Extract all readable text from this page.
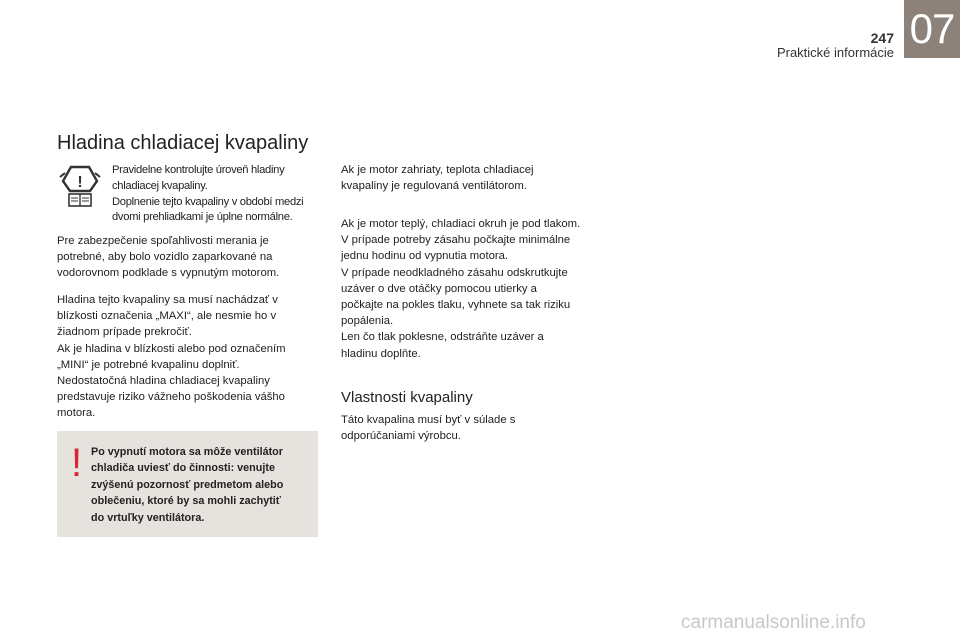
07
247
Praktické informácie
Hladina chladiacej kvapaliny
!

Pravidelne kontrolujte úroveň hladiny

chladiacej kvapaliny.

Doplnenie tejto kvapaliny v období medzi

dvomi prehliadkami je úplne normálne.

Pre zabezpečenie spoľahlivosti merania je
potrebné, aby bolo vozidlo zaparkované na
vodorovnom podklade s vypnutým motorom.

Hladina tejto kvapaliny sa musí nachádzať v
blízkosti označenia „MAXI“, ale nesmie ho v
žiadnom prípade prekročiť.
Ak je hladina v blízkosti alebo pod označením
„MINI“ je potrebné kvapalinu doplniť.
Nedostatočná hladina chladiacej kvapaliny
predstavuje riziko vážneho poškodenia vášho
motora.

! Po vypnutí motora sa môže ventilátor
chladiča uviesť do činnosti: venujte
zvýšenú pozornosť predmetom alebo
oblečeniu, ktoré by sa mohli zachytiť
do vrtuľky ventilátora.

Ak je motor zahriaty, teplota chladiacej
kvapaliny je regulovaná ventilátorom.

Ak je motor teplý, chladiaci okruh je pod tlakom.
V prípade potreby zásahu počkajte minimálne
jednu hodinu od vypnutia motora.
V prípade neodkladného zásahu odskrutkujte
uzáver o dve otáčky pomocou utierky a
počkajte na pokles tlaku, vyhnete sa tak riziku
popálenia.
Len čo tlak poklesne, odstráňte uzáver a
hladinu doplňte.

Vlastnosti kvapaliny

Táto kvapalina musí byť v súlade s
odporúčaniami výrobcu.

carmanualsonline.info
